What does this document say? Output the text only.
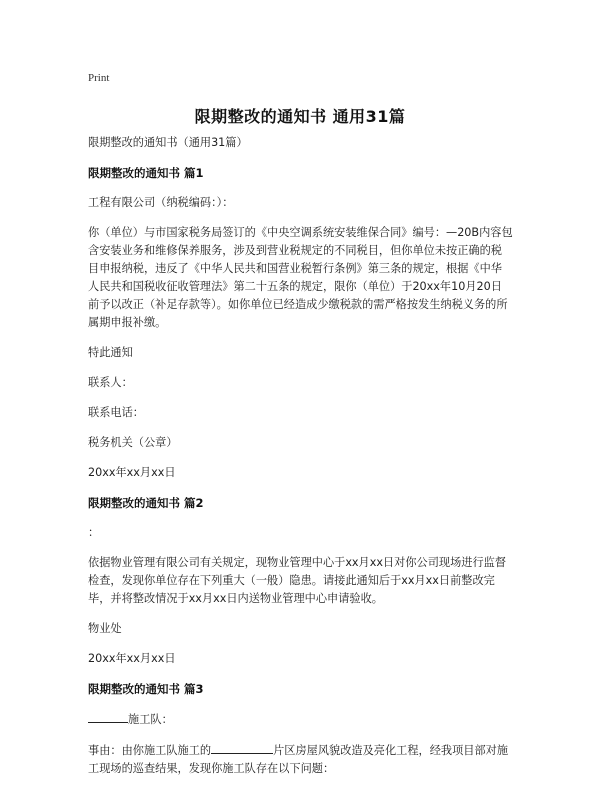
Print
限期整改的通知书 通用31篇

限期整改的通知书（通用31篇）

限期整改的通知书 篇1

工程有限公司（纳税编码：）：

你（单位）与市国家税务局签订的《中央空调系统安装维保合同》编号：—20B内容包含安装业务和维修保养服务，涉及到营业税规定的不同税目，但你单位未按正确的税目申报纳税，违反了《中华人民共和国营业税暂行条例》第三条的规定，根据《中华人民共和国税收征收管理法》第二十五条的规定，限你（单位）于20xx年10月20日前予以改正（补足存款等）。如你单位已经造成少缴税款的需严格按发生纳税义务的所属期申报补缴。

特此通知

联系人：

联系电话：

税务机关（公章）

20xx年xx月xx日

限期整改的通知书 篇2

：

依据物业管理有限公司有关规定，现物业管理中心于xx月xx日对你公司现场进行监督检查，发现你单位存在下列重大（一般）隐患。请接此通知后于xx月xx日前整改完毕，并将整改情况于xx月xx日内送物业管理中心申请验收。

物业处

20xx年xx月xx日

限期整改的通知书 篇3

施工队：

事由：由你施工队施工的	片区房屋风貌改造及亮化工程，经我项目部对施工现场的巡查结果，发现你施工队存在以下问题：
